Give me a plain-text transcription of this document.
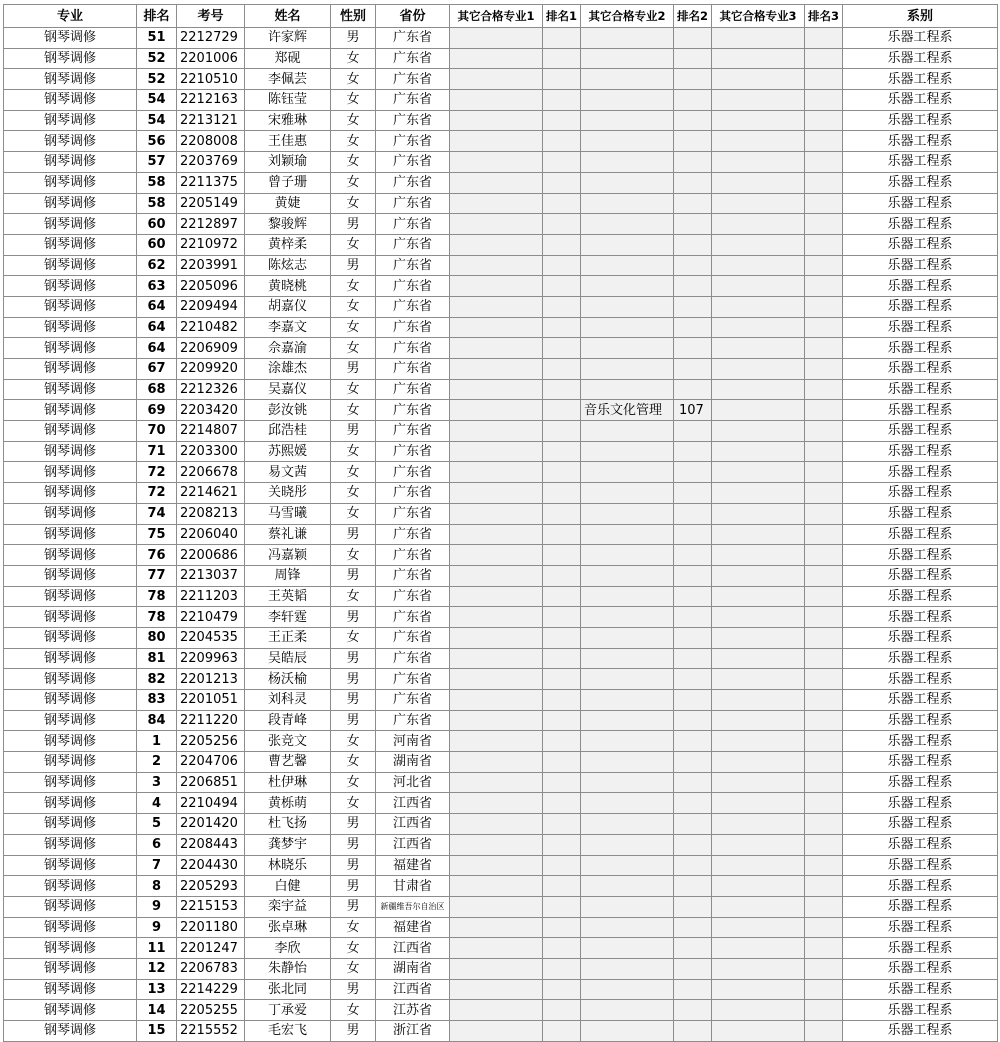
专业	排名	考号	姓名	性别	省份	其它合格专业1	排名1	其它合格专业2	排名2	其它合格专业3	排名3	系别
钢琴调修	51	2212729	许家辉	男	广东省							乐器工程系
钢琴调修	52	2201006	郑砚	女	广东省							乐器工程系
钢琴调修	52	2210510	李佩芸	女	广东省							乐器工程系
钢琴调修	54	2212163	陈钰莹	女	广东省							乐器工程系
钢琴调修	54	2213121	宋雅琳	女	广东省							乐器工程系
钢琴调修	56	2208008	王佳惠	女	广东省							乐器工程系
钢琴调修	57	2203769	刘颖瑜	女	广东省							乐器工程系
钢琴调修	58	2211375	曾子珊	女	广东省							乐器工程系
钢琴调修	58	2205149	黄婕	女	广东省							乐器工程系
钢琴调修	60	2212897	黎骏辉	男	广东省							乐器工程系
钢琴调修	60	2210972	黄梓柔	女	广东省							乐器工程系
钢琴调修	62	2203991	陈炫志	男	广东省							乐器工程系
钢琴调修	63	2205096	黄晓桃	女	广东省							乐器工程系
钢琴调修	64	2209494	胡嘉仪	女	广东省							乐器工程系
钢琴调修	64	2210482	李嘉文	女	广东省							乐器工程系
钢琴调修	64	2206909	佘嘉渝	女	广东省							乐器工程系
钢琴调修	67	2209920	涂雄杰	男	广东省							乐器工程系
钢琴调修	68	2212326	吴嘉仪	女	广东省							乐器工程系
钢琴调修	69	2203420	彭汝铫	女	广东省			音乐文化管理	107			乐器工程系
钢琴调修	70	2214807	邱浩桂	男	广东省							乐器工程系
钢琴调修	71	2203300	苏熙媛	女	广东省							乐器工程系
钢琴调修	72	2206678	易文茜	女	广东省							乐器工程系
钢琴调修	72	2214621	关晓彤	女	广东省							乐器工程系
钢琴调修	74	2208213	马雪曦	女	广东省							乐器工程系
钢琴调修	75	2206040	蔡礼谦	男	广东省							乐器工程系
钢琴调修	76	2200686	冯嘉颖	女	广东省							乐器工程系
钢琴调修	77	2213037	周锋	男	广东省							乐器工程系
钢琴调修	78	2211203	王英韬	女	广东省							乐器工程系
钢琴调修	78	2210479	李轩霆	男	广东省							乐器工程系
钢琴调修	80	2204535	王正柔	女	广东省							乐器工程系
钢琴调修	81	2209963	吴皓辰	男	广东省							乐器工程系
钢琴调修	82	2201213	杨沃榆	男	广东省							乐器工程系
钢琴调修	83	2201051	刘科灵	男	广东省							乐器工程系
钢琴调修	84	2211220	段青峰	男	广东省							乐器工程系
钢琴调修	1	2205256	张竞文	女	河南省							乐器工程系
钢琴调修	2	2204706	曹艺馨	女	湖南省							乐器工程系
钢琴调修	3	2206851	杜伊琳	女	河北省							乐器工程系
钢琴调修	4	2210494	黄栎萌	女	江西省							乐器工程系
钢琴调修	5	2201420	杜飞扬	男	江西省							乐器工程系
钢琴调修	6	2208443	龚梦宇	男	江西省							乐器工程系
钢琴调修	7	2204430	林晓乐	男	福建省							乐器工程系
钢琴调修	8	2205293	白健	男	甘肃省							乐器工程系
钢琴调修	9	2215153	栾宇益	男	新疆维吾尔自治区							乐器工程系
钢琴调修	9	2201180	张卓琳	女	福建省							乐器工程系
钢琴调修	11	2201247	李欣	女	江西省							乐器工程系
钢琴调修	12	2206783	朱静怡	女	湖南省							乐器工程系
钢琴调修	13	2214229	张北同	男	江西省							乐器工程系
钢琴调修	14	2205255	丁承爱	女	江苏省							乐器工程系
钢琴调修	15	2215552	毛宏飞	男	浙江省							乐器工程系
